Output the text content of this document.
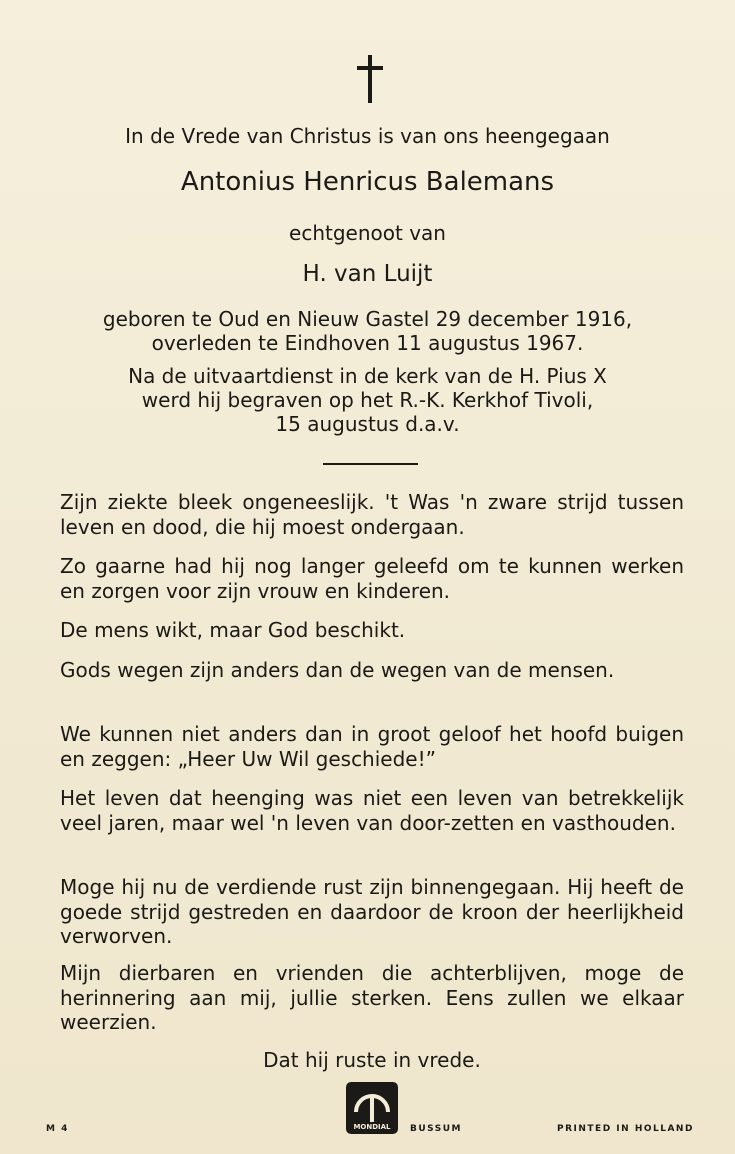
In de Vrede van Christus is van ons heengegaan
Antonius Henricus Balemans
echtgenoot van
H. van Luijt
geboren te Oud en Nieuw Gastel 29 december 1916,
overleden te Eindhoven 11 augustus 1967.
Na de uitvaartdienst in de kerk van de H. Pius X
werd hij begraven op het R.-K. Kerkhof Tivoli,
15 augustus d.a.v.

Zijn ziekte bleek ongeneeslijk. 't Was 'n zware strijd tussen leven en dood, die hij moest ondergaan.

Zo gaarne had hij nog langer geleefd om te kunnen werken en zorgen voor zijn vrouw en kinderen.

De mens wikt, maar God beschikt.

Gods wegen zijn anders dan de wegen van de mensen.

We kunnen niet anders dan in groot geloof het hoofd buigen en zeggen: „Heer Uw Wil geschiede!”

Het leven dat heenging was niet een leven van betrekkelijk veel jaren, maar wel 'n leven van door-zetten en vasthouden.

Moge hij nu de verdiende rust zijn binnengegaan. Hij heeft de goede strijd gestreden en daardoor de kroon der heerlijkheid verworven.

Mijn dierbaren en vrienden die achterblijven, moge de herinnering aan mij, jullie sterken. Eens zullen we elkaar weerzien.

Dat hij ruste in vrede.

M 4	MONDIAL BUSSUM	PRINTED IN HOLLAND
